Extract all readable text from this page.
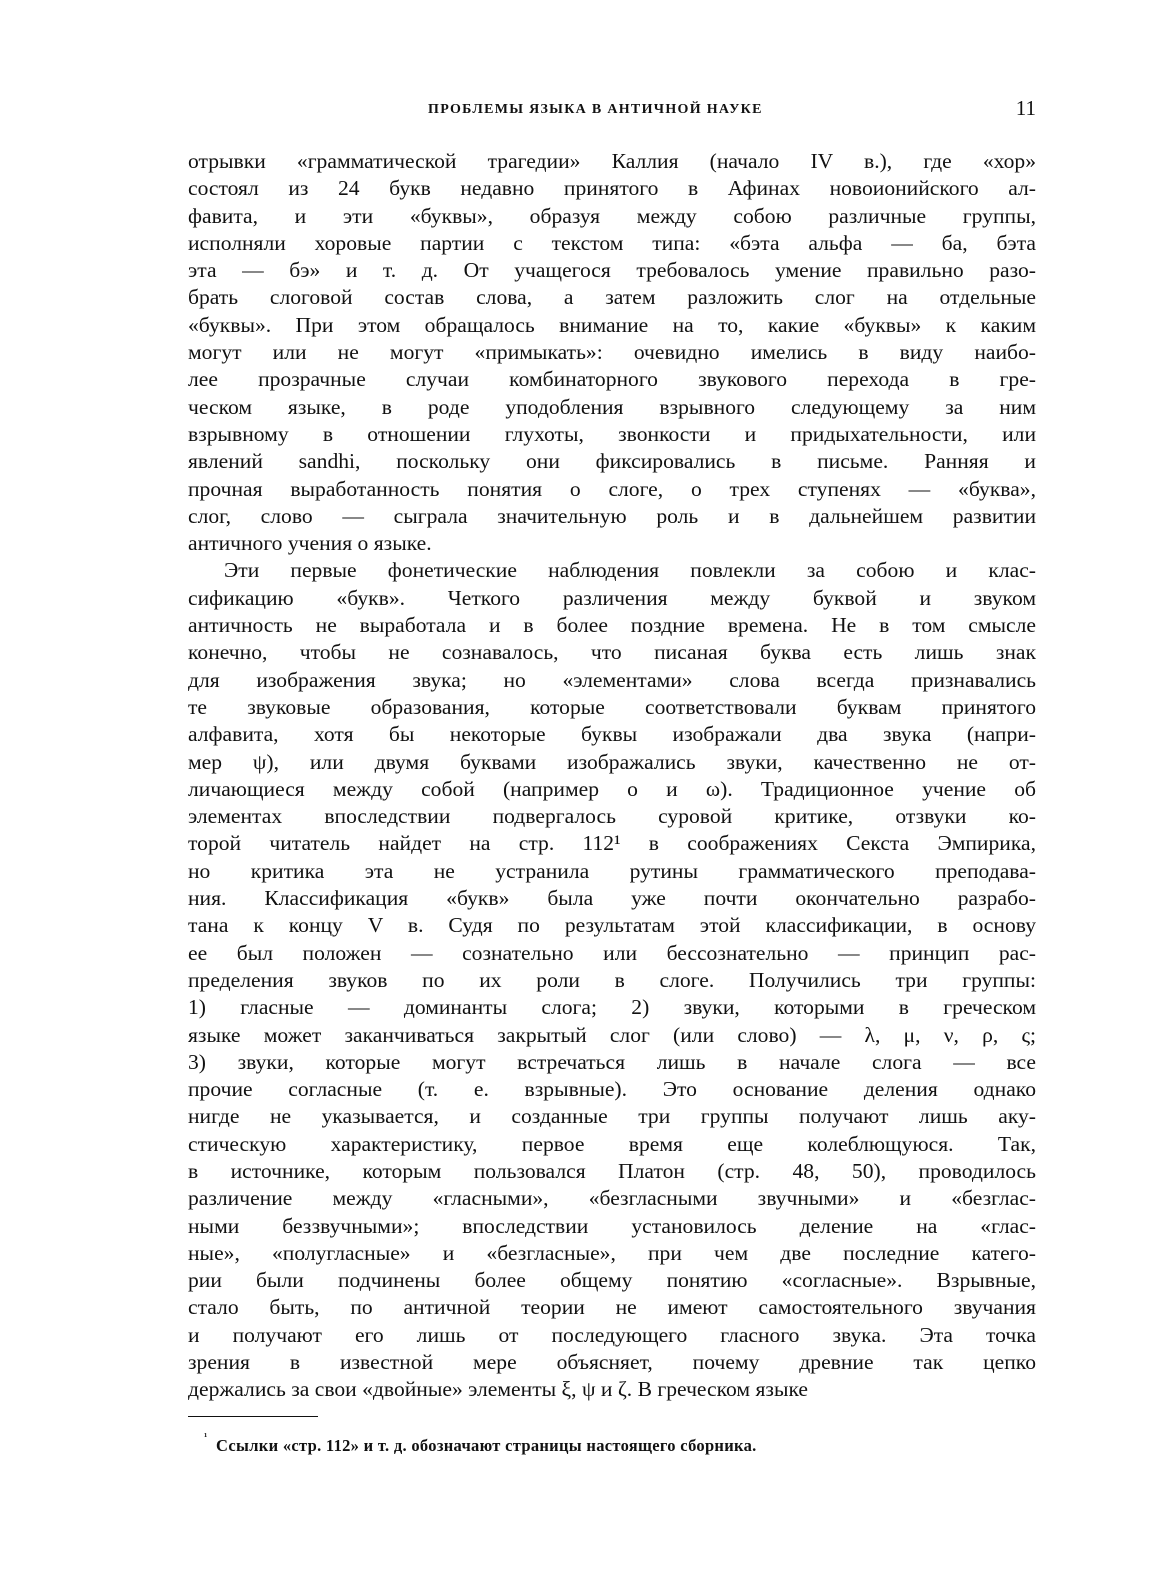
ПРОБЛЕМЫ ЯЗЫКА В АНТИЧНОЙ НАУКЕ	11
отрывки «грамматической трагедии» Каллия (начало IV в.), где «хор»
состоял из 24 букв недавно принятого в Афинах новоионийского ал-
фавита, и эти «буквы», образуя между собою различные группы,
исполняли хоровые партии с текстом типа: «бэта альфа — ба, бэта
эта — бэ» и т. д. От учащегося требовалось умение правильно разо-
брать слоговой состав слова, а затем разложить слог на отдельные
«буквы». При этом обращалось внимание на то, какие «буквы» к каким
могут или не могут «примыкать»: очевидно имелись в виду наибо-
лее прозрачные случаи комбинаторного звукового перехода в гре-
ческом языке, в роде уподобления взрывного следующему за ним
взрывному в отношении глухоты, звонкости и придыхательности, или
явлений sandhi, поскольку они фиксировались в письме. Ранняя и
прочная выработанность понятия о слоге, о трех ступенях — «буква»,
слог, слово — сыграла значительную роль и в дальнейшем развитии
античного учения о языке.
Эти первые фонетические наблюдения повлекли за собою и клас-
сификацию «букв». Четкого различения между буквой и звуком
античность не выработала и в более поздние времена. Не в том смысле
конечно, чтобы не сознавалось, что писаная буква есть лишь знак
для изображения звука; но «элементами» слова всегда признавались
те звуковые образования, которые соответствовали буквам принятого
алфавита, хотя бы некоторые буквы изображали два звука (напри-
мер ψ), или двумя буквами изображались звуки, качественно не от-
личающиеся между собой (например ο и ω). Традиционное учение об
элементах впоследствии подвергалось суровой критике, отзвуки ко-
торой читатель найдет на стр. 112¹ в соображениях Секста Эмпирика,
но критика эта не устранила рутины грамматического преподава-
ния. Классификация «букв» была уже почти окончательно разрабо-
тана к концу V в. Судя по результатам этой классификации, в основу
ее был положен — сознательно или бессознательно — принцип рас-
пределения звуков по их роли в слоге. Получились три группы:
1) гласные — доминанты слога; 2) звуки, которыми в греческом
языке может заканчиваться закрытый слог (или слово) — λ, μ, ν, ρ, ς;
3) звуки, которые могут встречаться лишь в начале слога — все
прочие согласные (т. е. взрывные). Это основание деления однако
нигде не указывается, и созданные три группы получают лишь аку-
стическую характеристику, первое время еще колеблющуюся. Так,
в источнике, которым пользовался Платон (стр. 48, 50), проводилось
различение между «гласными», «безгласными звучными» и «безглас-
ными беззвучными»; впоследствии установилось деление на «глас-
ные», «полугласные» и «безгласные», при чем две последние катего-
рии были подчинены более общему понятию «согласные». Взрывные,
стало быть, по античной теории не имеют самостоятельного звучания
и получают его лишь от последующего гласного звука. Эта точка
зрения в известной мере объясняет, почему древние так цепко
держались за свои «двойные» элементы ξ, ψ и ζ. В греческом языке
¹ Ссылки «стр. 112» и т. д. обозначают страницы настоящего сборника.
